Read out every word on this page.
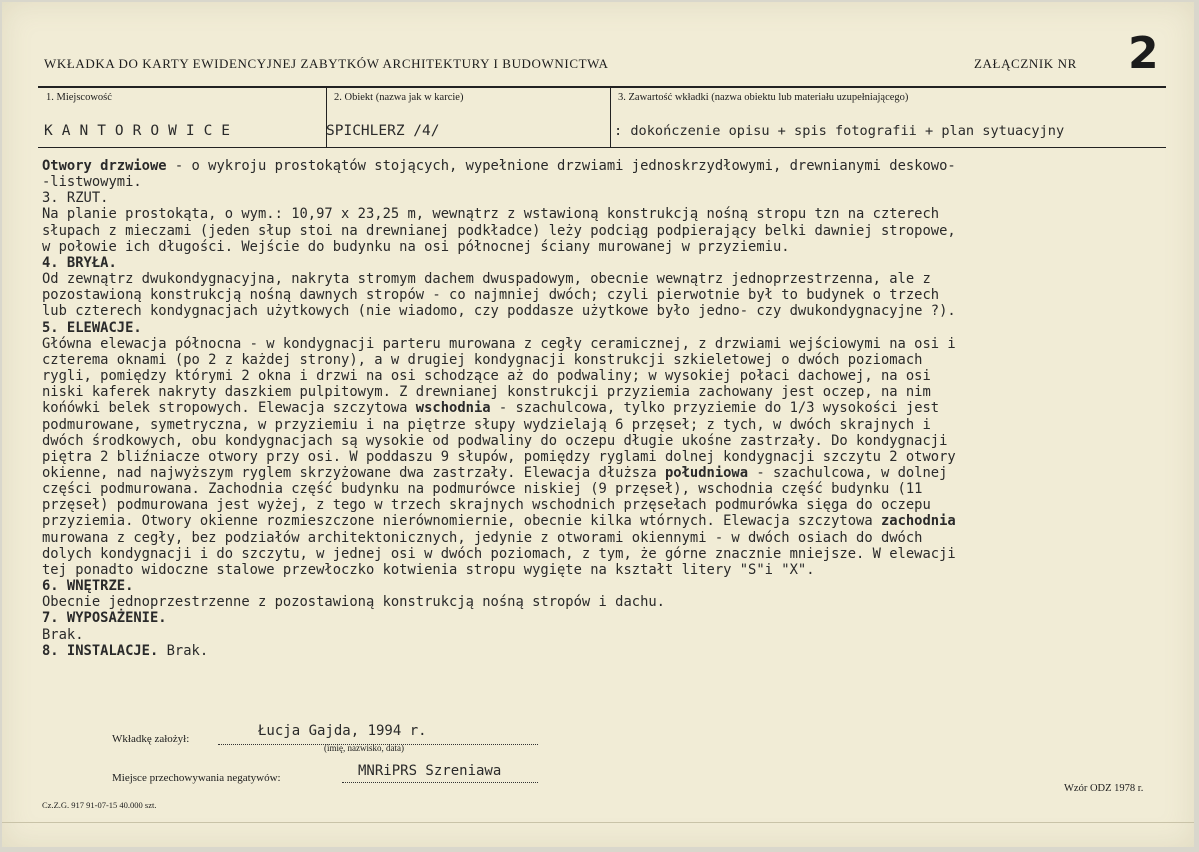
WKŁADKA DO KARTY EWIDENCYJNEJ ZABYTKÓW ARCHITEKTURY I BUDOWNICTWA	ZAŁĄCZNIK NR 2
1. Miejscowość	2. Obiekt (nazwa jak w karcie)	3. Zawartość wkładki (nazwa obiektu lub materiału uzupełniającego)
KANTOROWICE	SPICHLERZ /4/	: dokończenie opisu + spis fotografii + plan sytuacyjny
Otwory drzwiowe - o wykroju prostokątów stojących, wypełnione drzwiami jednoskrzydłowymi, drewnianymi deskowo-
-listwowymi.
3. RZUT.
Na planie prostokąta, o wym.: 10,97 x 23,25 m, wewnątrz z wstawioną konstrukcją nośną stropu tzn na czterech
słupach z mieczami (jeden słup stoi na drewnianej podkładce) leży podciąg podpierający belki dawniej stropowe,
w połowie ich długości. Wejście do budynku na osi północnej ściany murowanej w przyziemiu.
4. BRYŁA.
Od zewnątrz dwukondygnacyjna, nakryta stromym dachem dwuspadowym, obecnie wewnątrz jednoprzestrzenna, ale z
pozostawioną konstrukcją nośną dawnych stropów - co najmniej dwóch; czyli pierwotnie był to budynek o trzech
lub czterech kondygnacjach użytkowych (nie wiadomo, czy poddasze użytkowe było jedno- czy dwukondygnacyjne ?).
5. ELEWACJE.
Główna elewacja północna - w kondygnacji parteru murowana z cegły ceramicznej, z drzwiami wejściowymi na osi i
czterema oknami (po 2 z każdej strony), a w drugiej kondygnacji konstrukcji szkieletowej o dwóch poziomach
rygli, pomiędzy którymi 2 okna i drzwi na osi schodzące aż do podwaliny; w wysokiej połaci dachowej, na osi
niski kaferek nakryty daszkiem pulpitowym. Z drewnianej konstrukcji przyziemia zachowany jest oczep, na nim
końówki belek stropowych. Elewacja szczytowa wschodnia - szachulcowa, tylko przyziemie do 1/3 wysokości jest
podmurowane, symetryczna, w przyziemiu i na piętrze słupy wydzielają 6 przęseł; z tych, w dwóch skrajnych i
dwóch środkowych, obu kondygnacjach są wysokie od podwaliny do oczepu długie ukośne zastrzały. Do kondygnacji
piętra 2 bliźniacze otwory przy osi. W poddaszu 9 słupów, pomiędzy ryglami dolnej kondygnacji szczytu 2 otwory
okienne, nad najwyższym ryglem skrzyżowane dwa zastrzały. Elewacja dłuższa południowa - szachulcowa, w dolnej
części podmurowana. Zachodnia część budynku na podmurówce niskiej (9 przęseł), wschodnia część budynku (11
przęseł) podmurowana jest wyżej, z tego w trzech skrajnych wschodnich przęsełach podmurówka sięga do oczepu
przyziemia. Otwory okienne rozmieszczone nierównomiernie, obecnie kilka wtórnych. Elewacja szczytowa zachodnia
murowana z cegły, bez podziałów architektonicznych, jedynie z otworami okiennymi - w dwóch osiach do dwóch
dolych kondygnacji i do szczytu, w jednej osi w dwóch poziomach, z tym, że górne znacznie mniejsze. W elewacji
tej ponadto widoczne stalowe przewłoczko kotwienia stropu wygięte na kształt litery "S"i "X".
6. WNĘTRZE.
Obecnie jednoprzestrzenne z pozostawioną konstrukcją nośną stropów i dachu.
7. WYPOSAŻENIE.
Brak.
8. INSTALACJE. Brak.
Wkładkę założył:	Łucja Gajda, 1994 r.
(imię, nazwisko, data)
Miejsce przechowywania negatywów:	MNRiPRS Szreniawa
Cz.Z.G. 917 91-07-15 40.000 szt.
Wzór ODZ 1978 r.
